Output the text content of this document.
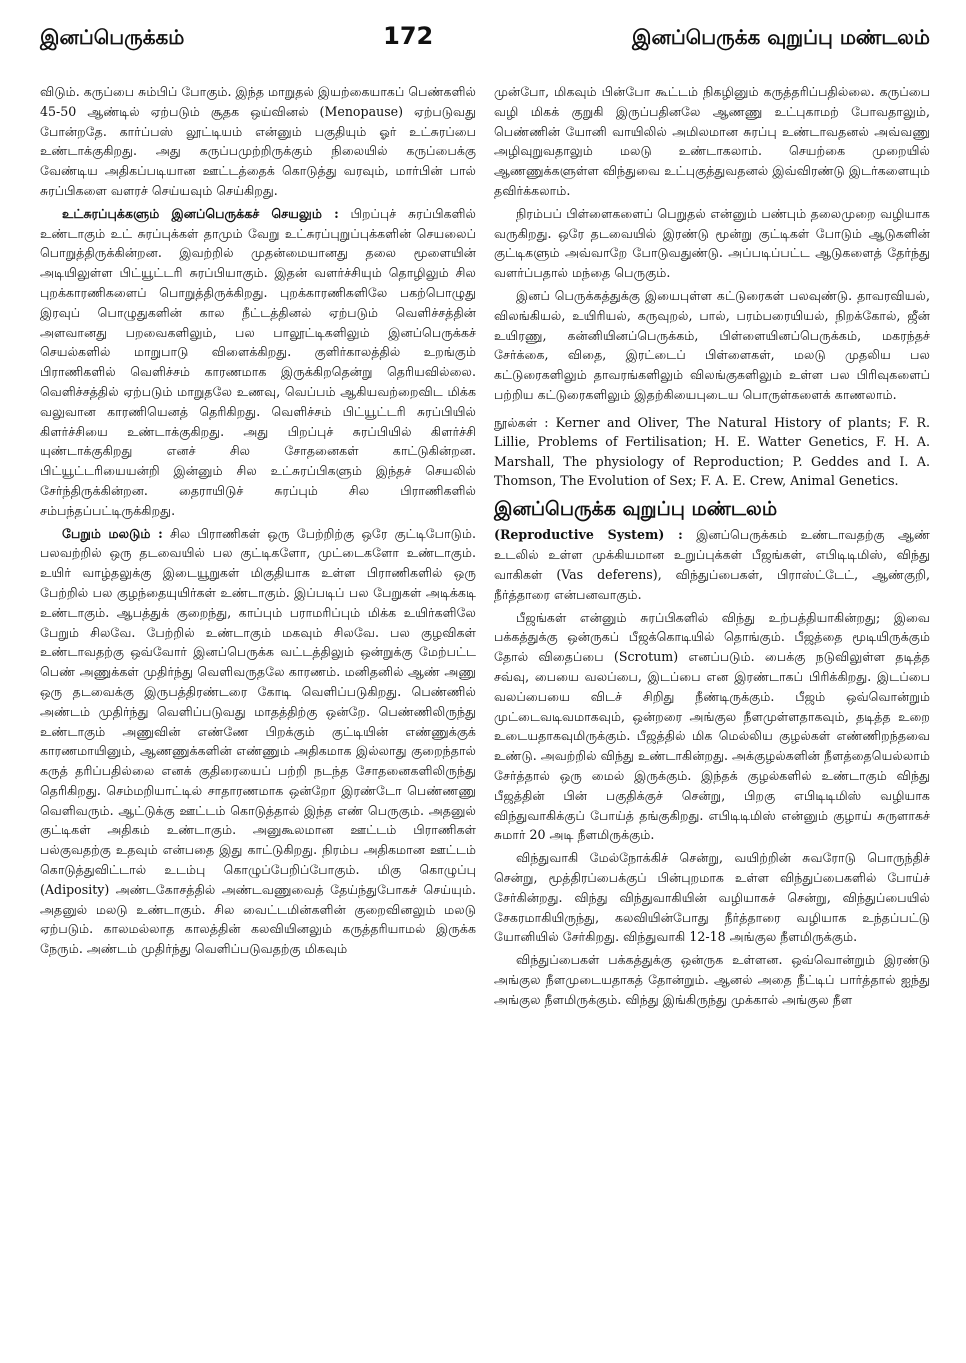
இனப்பெருக்கம்	172	இனப்பெருக்க வுறுப்பு மண்டலம்

விடும். கருப்பை சும்பிப் போகும். இந்த மாறுதல் இயற்கையாகப் பெண்களில் 45-50 ஆண்டில் ஏற்படும் சூதக ஒய்வினல் (Menopause) ஏற்படுவது போன்றதே. கார்ப்பஸ் லூட்டியம் என்னும் பகுதியும் ஓர் உட்சுரப்பை உண்டாக்குகிறது. அது கருப்பமுற்றிருக்கும் நிலையில் கருப்பைக்கு வேண்டிய அதிகப்படியான ஊட்டத்தைக் கொடுத்து வரவும், மார்பின் பால் சுரப்பிகளை வளரச் செய்யவும் செய்கிறது.

உட்சுரப்புக்களும் இனப்பெருக்கச் செயலும் : பிறப்புச் சுரப்பிகளில் உண்டாகும் உட் சுரப்புக்கள் தாமும் வேறு உட்சுரப்புறுப்புக்களின் செயலைப் பொறுத்திருக்கின்றன. இவற்றில் முதன்மையானது தலை மூளையின் அடியிலுள்ள பிட்யூட்டரி சுரப்பியாகும். இதன் வளர்ச்சியும் தொழிலும் சில புறக்காரணிகளைப் பொறுத்திருக்கிறது. புறக்காரணிகளிலே பகற்பொழுது இரவுப் பொழுதுகளின் கால நீட்டத்தினல் ஏற்படும் வெளிச்சத்தின் அளவானது பறவைகளிலும், பல பாலூட்டிகளிலும் இனப்பெருக்கச் செயல்களில் மாறுபாடு விளைக்கிறது. குளிர்காலத்தில் உறங்கும் பிராணிகளில் வெளிச்சம் காரணமாக இருக்கிறதென்று தெரியவில்லை. வெளிச்சத்தில் ஏற்படும் மாறுதலே உணவு, வெப்பம் ஆகியவற்றைவிட மிக்க வலுவான காரணியெனத் தெரிகிறது. வெளிச்சம் பிட்யூட்டரி சுரப்பியில் கிளர்ச்சியை உண்டாக்குகிறது. அது பிறப்புச் சுரப்பியில் கிளர்ச்சி யுண்டாக்குகிறது எனச் சில சோதனைகள் காட்டுகின்றன. பிட்யூட்டரியையன்றி இன்னும் சில உட்சுரப்பிகளும் இந்தச் செயலில் சேர்ந்திருக்கின்றன. தைராயிடுச் சுரப்பும் சில பிராணிகளில் சம்பந்தப்பட்டிருக்கிறது.

பேறும் மலடும் : சில பிராணிகள் ஒரு பேற்றிற்கு ஒரே குட்டிபோடும். பலவற்றில் ஒரு தடவையில் பல குட்டிகளோ, முட்டைகளோ உண்டாகும். உயிர் வாழ்தலுக்கு இடையூறுகள் மிகுதியாக உள்ள பிராணிகளில் ஒரு பேற்றில் பல குழந்தையுயிர்கள் உண்டாகும். இப்படிப் பல பேறுகள் அடிக்கடி உண்டாகும். ஆபத்துக் குறைந்து, காப்பும் பராமரிப்பும் மிக்க உயிர்களிலே பேறும் சிலவே. பேற்றில் உண்டாகும் மகவும் சிலவே. பல குழவிகள் உண்டாவதற்கு ஒவ்வோர் இனப்பெருக்க வட்டத்திலும் ஒன்றுக்கு மேற்பட்ட பெண் அணுக்கள் முதிர்ந்து வெளிவருதலே காரணம். மனிதனில் ஆண் அணு ஒரு தடவைக்கு இருபத்திரண்டரை கோடி வெளிப்படுகிறது. பெண்ணில் அண்டம் முதிர்ந்து வெளிப்படுவது மாதத்திற்கு ஒன்றே. பெண்ணிலிருந்து உண்டாகும் அணுவின் எண்ணே பிறக்கும் குட்டியின் எண்ணுக்குக் காரணமாயினும், ஆணணுக்களின் எண்ணும் அதிகமாக இல்லாது குறைந்தால் கருத் தரிப்பதில்லை எனக் குதிரையைப் பற்றி நடந்த சோதனைகளிலிருந்து தெரிகிறது. செம்மறியாட்டில் சாதாரணமாக ஒன்றோ இரண்டோ பெண்ணணு வெளிவரும். ஆட்டுக்கு ஊட்டம் கொடுத்தால் இந்த எண் பெருகும். அதனுல் குட்டிகள் அதிகம் உண்டாகும். அனுகூலமான ஊட்டம் பிராணிகள் பல்குவதற்கு உதவும் என்பதை இது காட்டுகிறது. நிரம்ப அதிகமான ஊட்டம் கொடுத்துவிட்டால் உடம்பு கொழுப்பேறிப்போகும். மிகு கொழுப்பு (Adiposity) அண்டகோசத்தில் அண்டவணுவைத் தேய்ந்துபோகச் செய்யும். அதனுல் மலடு உண்டாகும். சில வைட்டமின்களின் குறைவினலும் மலடு ஏற்படும். காலமல்லாத காலத்தின் கலவியினலும் கருத்தரியாமல் இருக்க நேரும். அண்டம் முதிர்ந்து வெளிப்படுவதற்கு மிகவும்

முன்போ, மிகவும் பின்போ கூட்டம் நிகழினும் கருத்தரிப்பதில்லை. கருப்பை வழி மிகக் குறுகி இருப்பதினலே ஆணணு உட்புகாமற் போவதாலும், பெண்ணின் யோனி வாயிலில் அமிலமான சுரப்பு உண்டாவதனல் அவ்வணு அழிவுறுவதாலும் மலடு உண்டாகலாம். செயற்கை முறையில் ஆணணுக்களுள்ள விந்துவை உட்புகுத்துவதனல் இவ்விரண்டு இடர்களையும் தவிர்க்கலாம்.

நிரம்பப் பிள்ளைகளைப் பெறுதல் என்னும் பண்பும் தலைமுறை வழியாக வருகிறது. ஒரே தடவையில் இரண்டு மூன்று குட்டிகள் போடும் ஆடுகளின் குட்டிகளும் அவ்வாறே போடுவதுண்டு. அப்படிப்பட்ட ஆடுகளைத் தேர்ந்து வளர்ப்பதால் மந்தை பெருகும்.

இனப் பெருக்கத்துக்கு இயைபுள்ள கட்டுரைகள் பலவுண்டு. தாவரவியல், விலங்கியல், உயிரியல், கருவுறல், பால், பரம்பரையியல், நிறக்கோல், ஜீன் உயிரணு, கன்னியினப்பெருக்கம், பிள்ளையினப்பெருக்கம், மகரந்தச் சேர்க்கை, விதை, இரட்டைப் பிள்ளைகள், மலடு முதலிய பல கட்டுரைகளிலும் தாவரங்களிலும் விலங்குகளிலும் உள்ள பல பிரிவுகளைப் பற்றிய கட்டுரைகளிலும் இதற்கியைபுடைய பொருள்களைக் காணலாம்.

நூல்கள் : Kerner and Oliver, The Natural History of plants; F. R. Lillie, Problems of Fertilisation; H. E. Watter Genetics, F. H. A. Marshall, The physiology of Reproduction; P. Geddes and I. A. Thomson, The Evolution of Sex; F. A. E. Crew, Animal Genetics.
இனப்பெருக்க வுறுப்பு மண்டலம்

(Reproductive System) : இனப்பெருக்கம் உண்டாவதற்கு ஆண் உடலில் உள்ள முக்கியமான உறுப்புக்கள் பீஜங்கள், எபிடிடிமிஸ், விந்து வாகிகள் (Vas deferens), விந்துப்பைகள், பிராஸ்ட்டேட், ஆண்குறி, நீர்த்தாரை என்பனவாகும்.

பீஜங்கள் என்னும் சுரப்பிகளில் விந்து உற்பத்தியாகின்றது; இவை பக்கத்துக்கு ஒன்ருகப் பீஜக்கொடியில் தொங்கும். பீஜத்தை மூடியிருக்கும் தோல் விதைப்பை (Scrotum) எனப்படும். பைக்கு நடுவிலுள்ள தடித்த சவ்வு, பையை வலப்பை, இடப்பை என இரண்டாகப் பிரிக்கிறது. இடப்பை வலப்பையை விடச் சிறிது நீண்டிருக்கும். பீஜம் ஒவ்வொன்றும் முட்டைவடிவமாகவும், ஒன்றரை அங்குல நீளமுள்ளதாகவும், தடித்த உறை உடையதாகவுமிருக்கும். பீஜத்தில் மிக மெல்லிய குழல்கள் எண்ணிறந்தவை உண்டு. அவற்றில் விந்து உண்டாகின்றது. அக்குழல்களின் நீளத்தையெல்லாம் சேர்த்தால் ஒரு மைல் இருக்கும். இந்தக் குழல்களில் உண்டாகும் விந்து பீஜத்தின் பின் பகுதிக்குச் சென்று, பிறகு எபிடிடிமிஸ் வழியாக விந்துவாகிக்குப் போய்த் தங்குகிறது. எபிடிடிமிஸ் என்னும் குழாய் சுருளாகச் சுமார் 20 அடி நீளமிருக்கும்.

விந்துவாகி மேல்நோக்கிச் சென்று, வயிற்றின் சுவரோடு பொருந்திச் சென்று, மூத்திரப்பைக்குப் பின்புறமாக உள்ள விந்துப்பைகளில் போய்ச் சேர்கின்றது. விந்து விந்துவாகியின் வழியாகச் சென்று, விந்துப்பையில் சேகரமாகியிருந்து, கலவியின்போது நீர்த்தாரை வழியாக உந்தப்பட்டு யோனியில் சேர்கிறது. விந்துவாகி 12-18 அங்குல நீளமிருக்கும்.

விந்துப்பைகள் பக்கத்துக்கு ஒன்ருக உள்ளன. ஒவ்வொன்றும் இரண்டு அங்குல நீளமுடையதாகத் தோன்றும். ஆனல் அதை நீட்டிப் பார்த்தால் ஐந்து அங்குல நீளமிருக்கும். விந்து இங்கிருந்து முக்கால் அங்குல நீள
